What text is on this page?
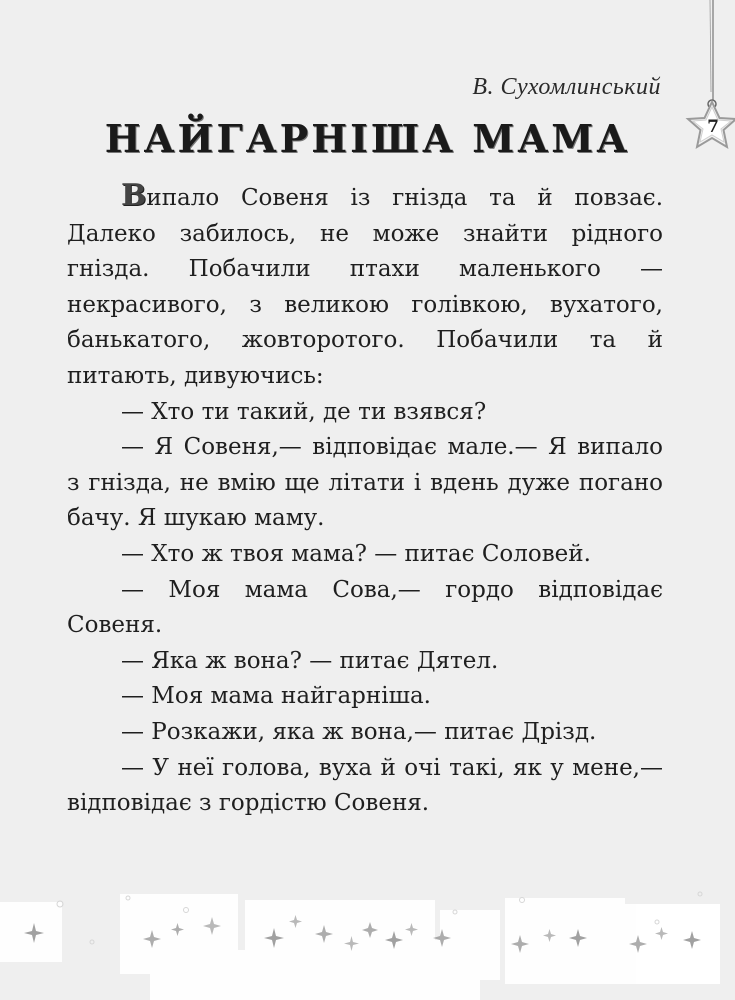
7
В. Сухомлинський
НАЙГАРНІША МАМА

Випало Совеня із гнізда та й повзає. Далеко забилось, не може знайти рідного гнізда. Побачили птахи маленького — некрасивого, з великою голівкою, вухатого, банькатого, жовторотого. Побачили та й питають, дивуючись:

— Хто ти такий, де ти взявся?

— Я Совеня,— відповідає мале.— Я випало з гнізда, не вмію ще літати і вдень дуже погано бачу. Я шукаю маму.

— Хто ж твоя мама? — питає Соловей.

— Моя мама Сова,— гордо відповідає Совеня.

— Яка ж вона? — питає Дятел.

— Моя мама найгарніша.

— Розкажи, яка ж вона,— питає Дрізд.

— У неї голова, вуха й очі такі, як у мене,— відповідає з гордістю Совеня.
